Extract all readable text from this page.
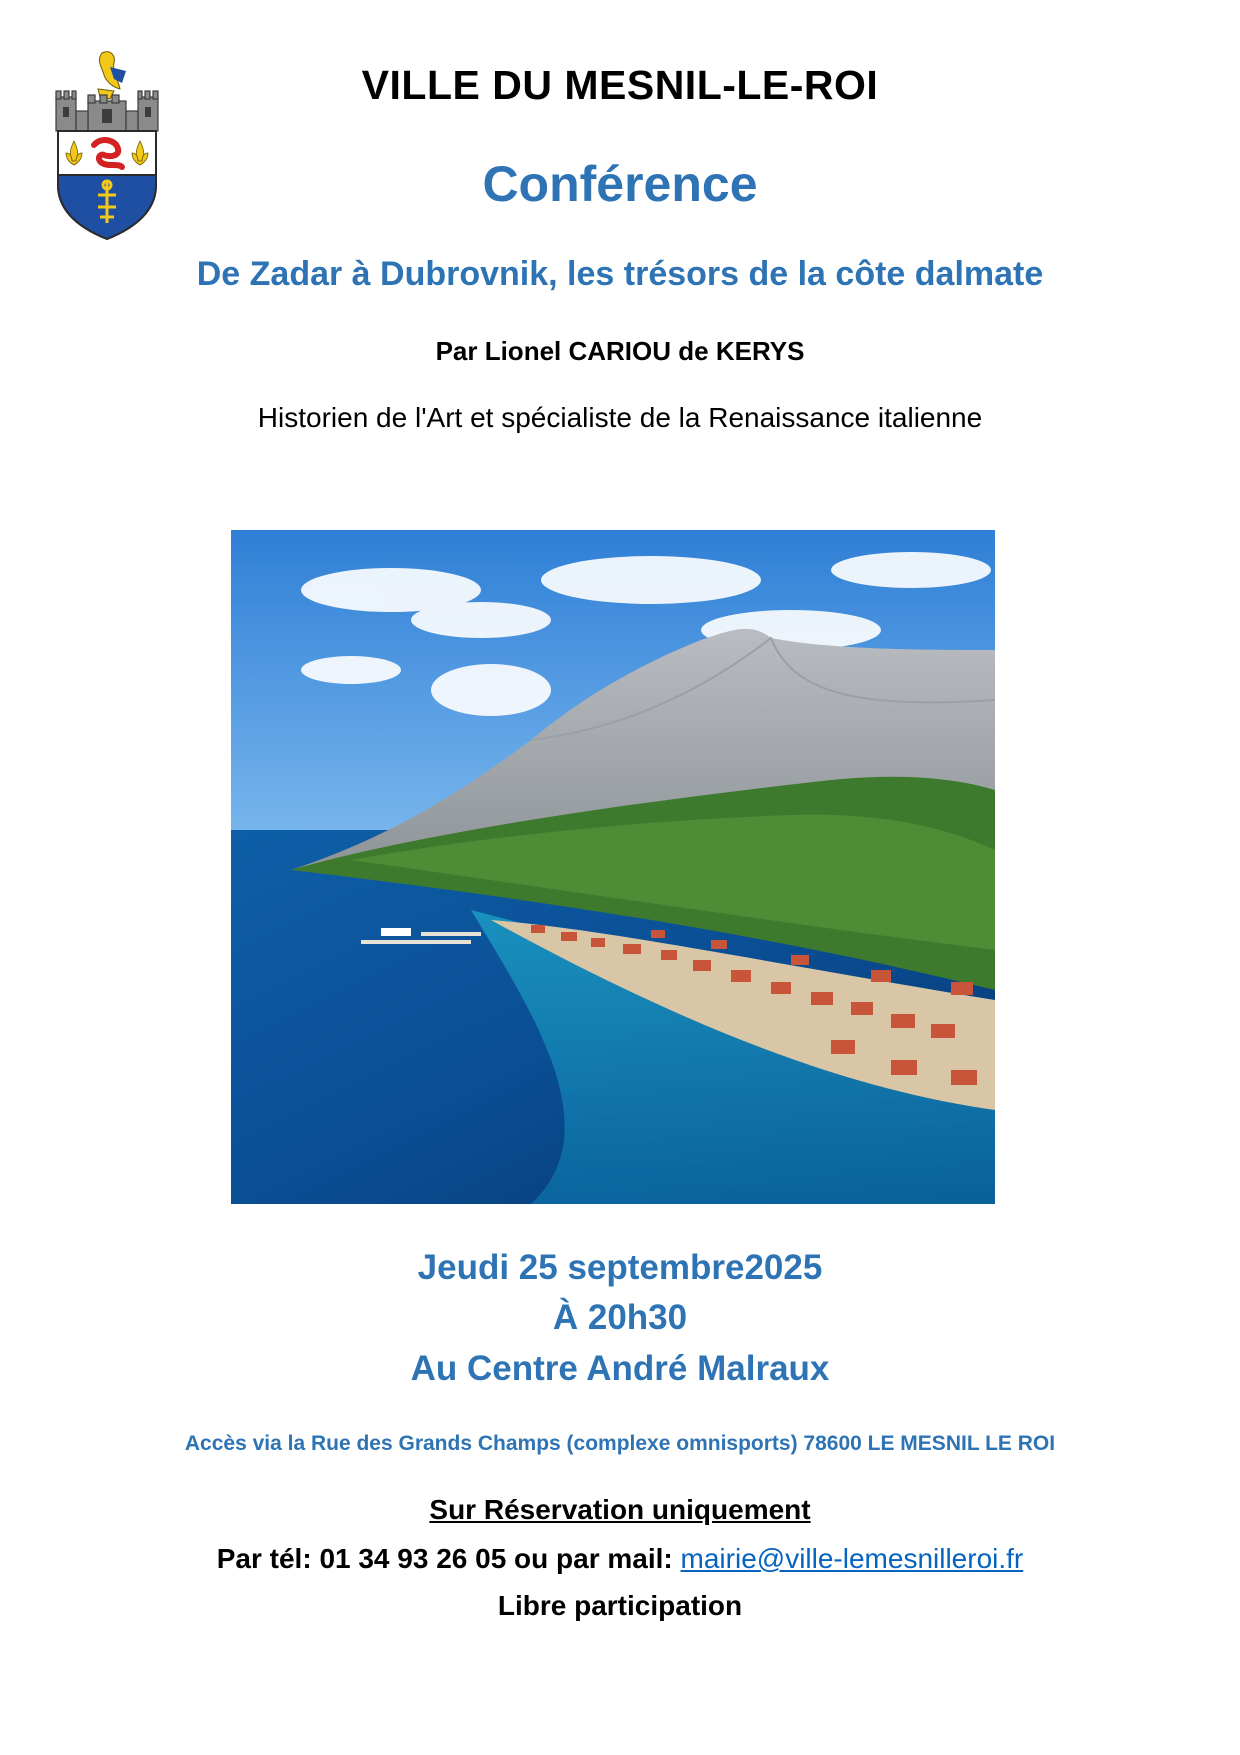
VILLE DU MESNIL-LE-ROI
Conférence
De Zadar à Dubrovnik, les trésors de la côte dalmate
Par Lionel CARIOU de KERYS
Historien de l'Art et spécialiste de la Renaissance italienne
Jeudi 25 septembre2025
À 20h30
Au Centre André Malraux
Accès via la Rue des Grands Champs (complexe omnisports) 78600 LE MESNIL LE ROI
Sur Réservation uniquement
Par tél: 01 34 93 26 05 ou par mail: mairie@ville-lemesnilleroi.fr
Libre participation
